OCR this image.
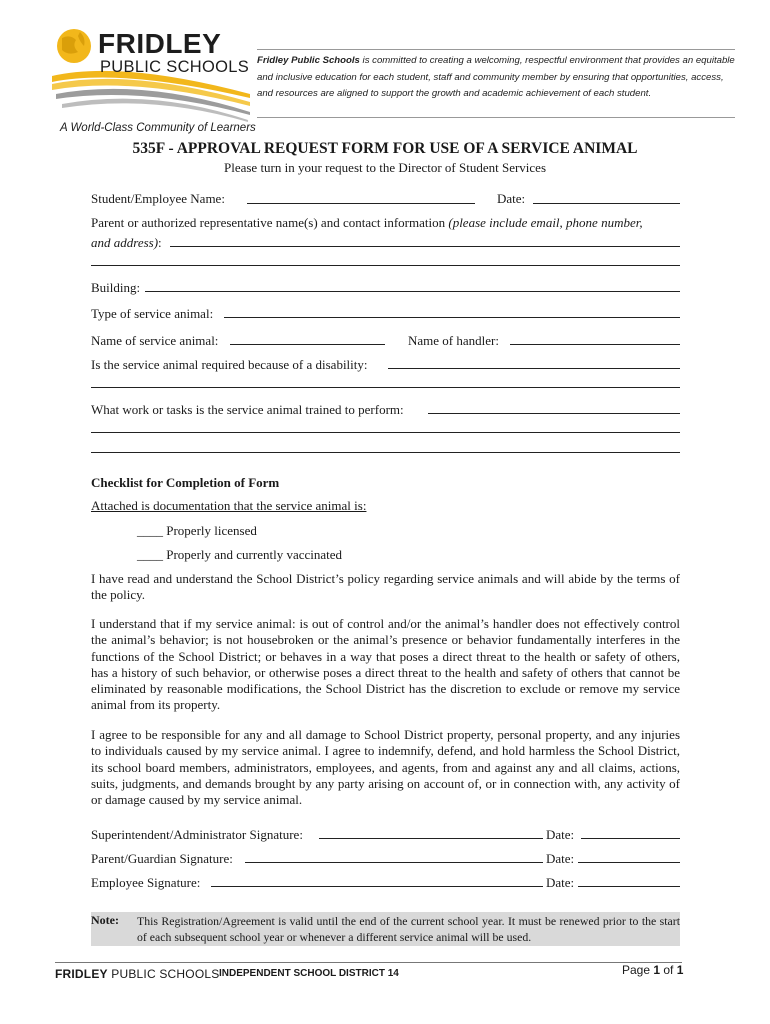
FRIDLEY
PUBLIC SCHOOLS
A World-Class Community of Learners
Fridley Public Schools is committed to creating a welcoming, respectful environment that provides an equitable and inclusive education for each student, staff and community member by ensuring that opportunities, access, and resources are aligned to support the growth and academic achievement of each student.
535F - APPROVAL REQUEST FORM FOR USE OF A SERVICE ANIMAL
Please turn in your request to the Director of Student Services
Student/Employee Name:	Date:
Parent or authorized representative name(s) and contact information (please include email, phone number,
and address):
Building:
Type of service animal:
Name of service animal:	Name of handler:
Is the service animal required because of a disability:
What work or tasks is the service animal trained to perform:
Checklist for Completion of Form
Attached is documentation that the service animal is:
____ Properly licensed
____ Properly and currently vaccinated
I have read and understand the School District’s policy regarding service animals and will abide by the terms of the policy.
I understand that if my service animal: is out of control and/or the animal’s handler does not effectively control the animal’s behavior; is not housebroken or the animal’s presence or behavior fundamentally interferes in the functions of the School District; or behaves in a way that poses a direct threat to the health or safety of others, has a history of such behavior, or otherwise poses a direct threat to the health and safety of others that cannot be eliminated by reasonable modifications, the School District has the discretion to exclude or remove my service animal from its property.
I agree to be responsible for any and all damage to School District property, personal property, and any injuries to individuals caused by my service animal. I agree to indemnify, defend, and hold harmless the School District, its school board members, administrators, employees, and agents, from and against any and all claims, actions, suits, judgments, and demands brought by any party arising on account of, or in connection with, any activity of or damage caused by my service animal.
Superintendent/Administrator Signature:	Date:
Parent/Guardian Signature:	Date:
Employee Signature:	Date:
Note: This Registration/Agreement is valid until the end of the current school year. It must be renewed prior to the start of each subsequent school year or whenever a different service animal will be used.
FRIDLEY PUBLIC SCHOOLS INDEPENDENT SCHOOL DISTRICT 14	Page 1 of 1
